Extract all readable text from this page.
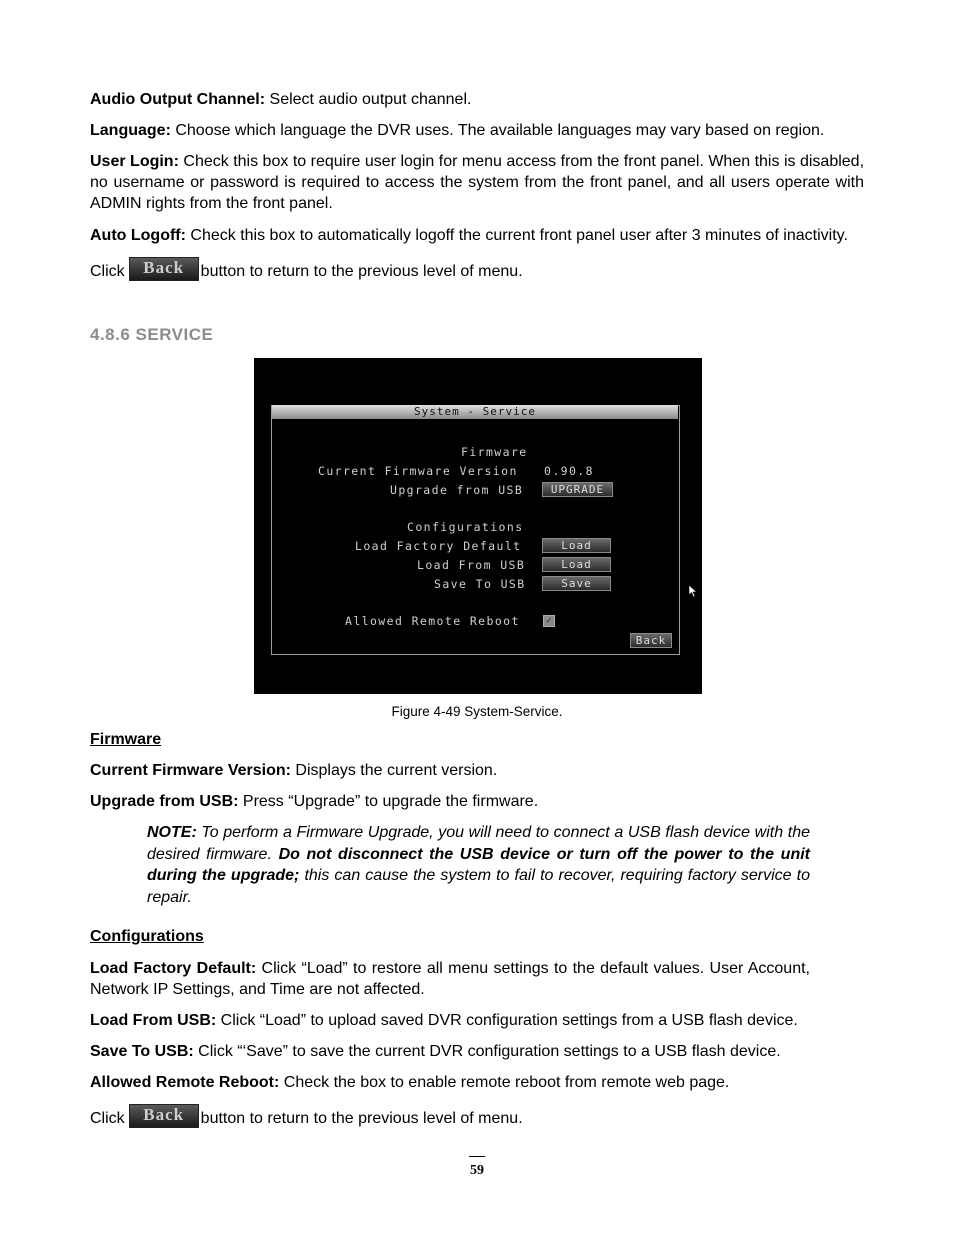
Audio Output Channel: Select audio output channel.

Language: Choose which language the DVR uses. The available languages may vary based on region.

User Login: Check this box to require user login for menu access from the front panel. When this is disabled, no username or password is required to access the system from the front panel, and all users operate with ADMIN rights from the front panel.

Auto Logoff: Check this box to automatically logoff the current front panel user after 3 minutes of inactivity.

Click Back button to return to the previous level of menu.

4.8.6 SERVICE
System - Service
Firmware
Current Firmware Version 0.90.8
Upgrade from USB	UPGRADE
Configurations
Load Factory Default	Load
Load From USB	Load
Save To USB	Save
Allowed Remote Reboot	✓
Back
Figure 4-49 System-Service.
Firmware

Current Firmware Version: Displays the current version.

Upgrade from USB: Press “Upgrade” to upgrade the firmware.

NOTE: To perform a Firmware Upgrade, you will need to connect a USB flash device with the desired firmware. Do not disconnect the USB device or turn off the power to the unit during the upgrade; this can cause the system to fail to recover, requiring factory service to repair.

Configurations

Load Factory Default: Click “Load” to restore all menu settings to the default values. User Account, Network IP Settings, and Time are not affected.

Load From USB: Click “Load” to upload saved DVR configuration settings from a USB flash device.

Save To USB: Click “‘Save” to save the current DVR configuration settings to a USB flash device.

Allowed Remote Reboot: Check the box to enable remote reboot from remote web page.

Click Back button to return to the previous level of menu.

59
